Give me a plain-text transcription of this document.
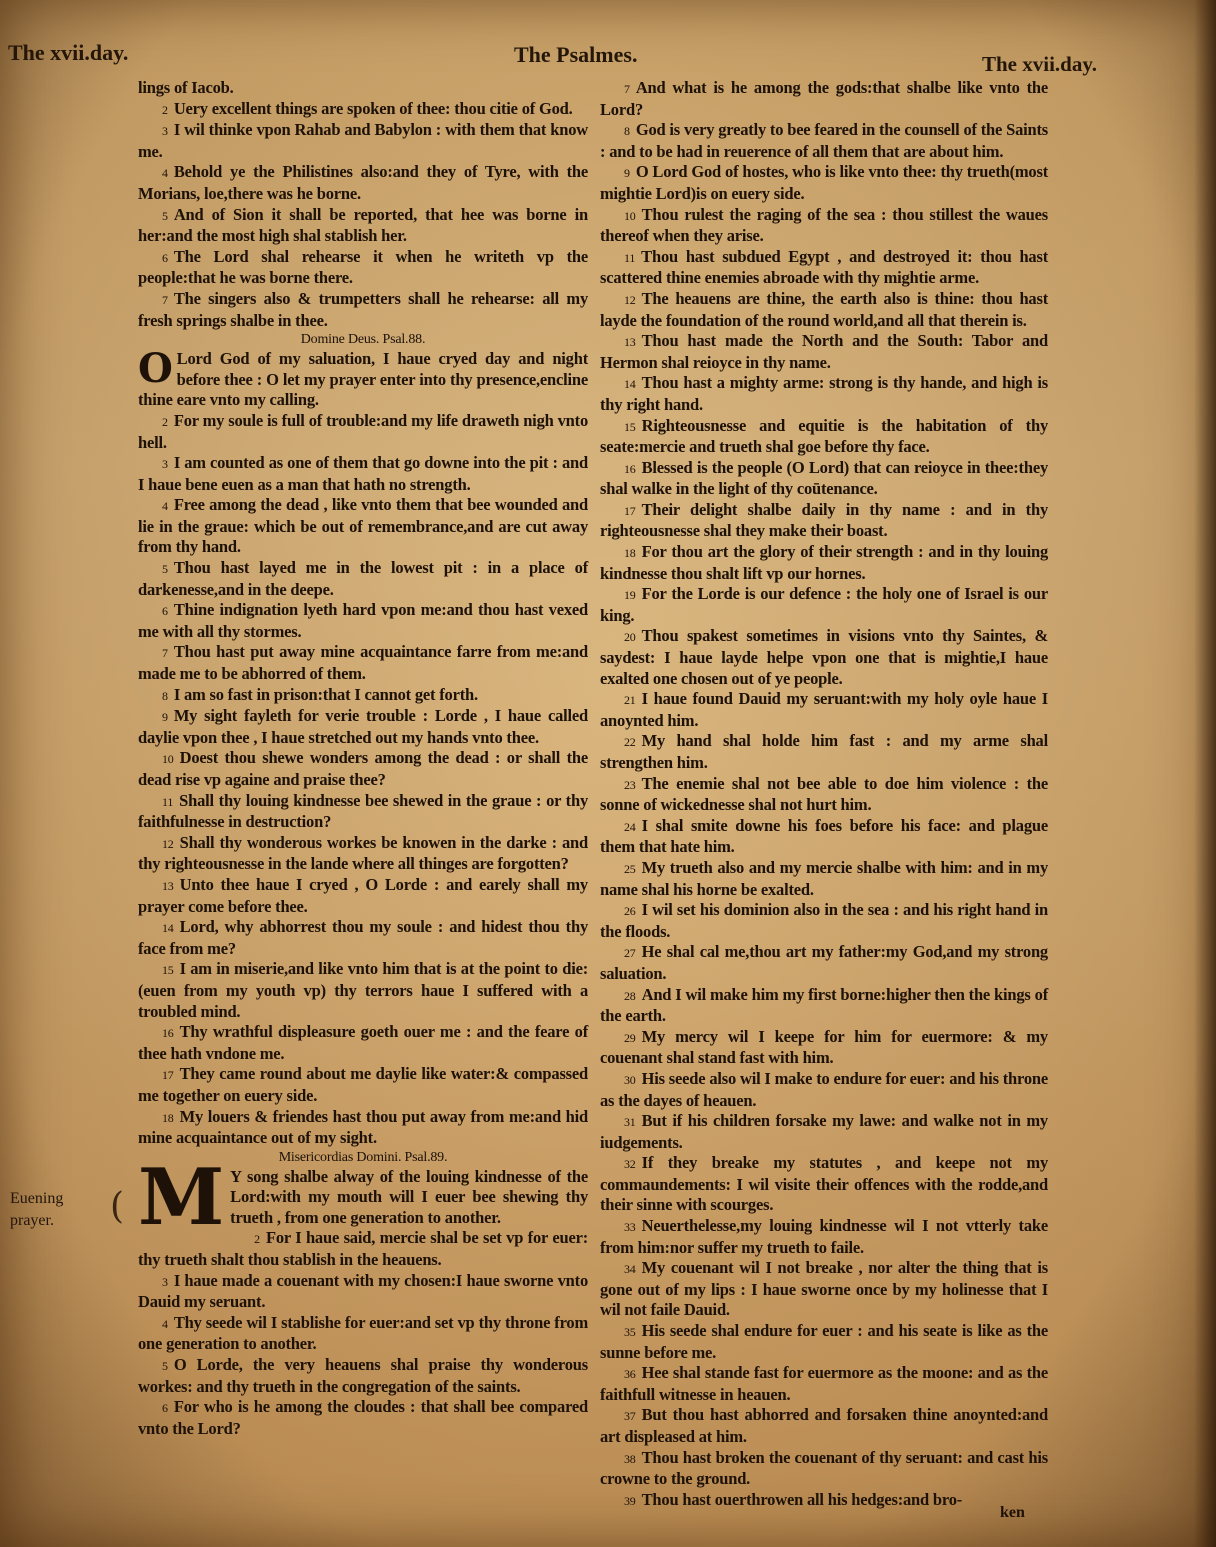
The xvii.day.	The Psalmes.	The xvii.day.

lings of Iacob.

2 Uery excellent things are spoken of thee: thou citie of God.

3 I wil thinke vpon Rahab and Babylon : with them that know me.

4 Behold ye the Philistines also:and they of Tyre, with the Morians, loe,there was he borne.

5 And of Sion it shall be reported, that hee was borne in her:and the most high shal stablish her.

6 The Lord shal rehearse it when he writeth vp the people:that he was borne there.

7 The singers also & trumpetters shall he rehearse: all my fresh springs shalbe in thee.

Domine Deus. Psal.88.

O Lord God of my saluation, I haue cryed day and night before thee : O let my prayer enter into thy presence,encline thine eare vnto my calling.

2 For my soule is full of trouble:and my life draweth nigh vnto hell.

3 I am counted as one of them that go downe into the pit : and I haue bene euen as a man that hath no strength.

4 Free among the dead , like vnto them that bee wounded and lie in the graue: which be out of remembrance,and are cut away from thy hand.

5 Thou hast layed me in the lowest pit : in a place of darkenesse,and in the deepe.

6 Thine indignation lyeth hard vpon me:and thou hast vexed me with all thy stormes.

7 Thou hast put away mine acquaintance farre from me:and made me to be abhorred of them.

8 I am so fast in prison:that I cannot get forth.

9 My sight fayleth for verie trouble : Lorde , I haue called daylie vpon thee , I haue stretched out my hands vnto thee.

10 Doest thou shewe wonders among the dead : or shall the dead rise vp againe and praise thee?

11 Shall thy louing kindnesse bee shewed in the graue : or thy faithfulnesse in destruction?

12 Shall thy wonderous workes be knowen in the darke : and thy righteousnesse in the lande where all thinges are forgotten?

13 Unto thee haue I cryed , O Lorde : and earely shall my prayer come before thee.

14 Lord, why abhorrest thou my soule : and hidest thou thy face from me?

15 I am in miserie,and like vnto him that is at the point to die: (euen from my youth vp) thy terrors haue I suffered with a troubled mind.

16 Thy wrathful displeasure goeth ouer me : and the feare of thee hath vndone me.

17 They came round about me daylie like water:& compassed me together on euery side.

18 My louers & friendes hast thou put away from me:and hid mine acquaintance out of my sight.

Misericordias Domini. Psal.89.

M Y song shalbe alway of the louing kindnesse of the Lord:with my mouth will I euer bee shewing thy trueth , from one generation to another.

2 For I haue said, mercie shal be set vp for euer: thy trueth shalt thou stablish in the heauens.

3 I haue made a couenant with my chosen:I haue sworne vnto Dauid my seruant.

4 Thy seede wil I stablishe for euer:and set vp thy throne from one generation to another.

5 O Lorde, the very heauens shal praise thy wonderous workes: and thy trueth in the congregation of the saints.

6 For who is he among the cloudes : that shall bee compared vnto the Lord?

7 And what is he among the gods:that shalbe like vnto the Lord?

8 God is very greatly to bee feared in the counsell of the Saints : and to be had in reuerence of all them that are about him.

9 O Lord God of hostes, who is like vnto thee: thy trueth(most mightie Lord)is on euery side.

10 Thou rulest the raging of the sea : thou stillest the waues thereof when they arise.

11 Thou hast subdued Egypt , and destroyed it: thou hast scattered thine enemies abroade with thy mightie arme.

12 The heauens are thine, the earth also is thine: thou hast layde the foundation of the round world,and all that therein is.

13 Thou hast made the North and the South: Tabor and Hermon shal reioyce in thy name.

14 Thou hast a mighty arme: strong is thy hande, and high is thy right hand.

15 Righteousnesse and equitie is the habitation of thy seate:mercie and trueth shal goe before thy face.

16 Blessed is the people (O Lord) that can reioyce in thee:they shal walke in the light of thy coūtenance.

17 Their delight shalbe daily in thy name : and in thy righteousnesse shal they make their boast.

18 For thou art the glory of their strength : and in thy louing kindnesse thou shalt lift vp our hornes.

19 For the Lorde is our defence : the holy one of Israel is our king.

20 Thou spakest sometimes in visions vnto thy Saintes, & saydest: I haue layde helpe vpon one that is mightie,I haue exalted one chosen out of ye people.

21 I haue found Dauid my seruant:with my holy oyle haue I anoynted him.

22 My hand shal holde him fast : and my arme shal strengthen him.

23 The enemie shal not bee able to doe him violence : the sonne of wickednesse shal not hurt him.

24 I shal smite downe his foes before his face: and plague them that hate him.

25 My trueth also and my mercie shalbe with him: and in my name shal his horne be exalted.

26 I wil set his dominion also in the sea : and his right hand in the floods.

27 He shal cal me,thou art my father:my God,and my strong saluation.

28 And I wil make him my first borne:higher then the kings of the earth.

29 My mercy wil I keepe for him for euermore: & my couenant shal stand fast with him.

30 His seede also wil I make to endure for euer: and his throne as the dayes of heauen.

31 But if his children forsake my lawe: and walke not in my iudgements.

32 If they breake my statutes , and keepe not my commaundements: I wil visite their offences with the rodde,and their sinne with scourges.

33 Neuerthelesse,my louing kindnesse wil I not vtterly take from him:nor suffer my trueth to faile.

34 My couenant wil I not breake , nor alter the thing that is gone out of my lips : I haue sworne once by my holinesse that I wil not faile Dauid.

35 His seede shal endure for euer : and his seate is like as the sunne before me.

36 Hee shal stande fast for euermore as the moone: and as the faithfull witnesse in heauen.

37 But thou hast abhorred and forsaken thine anoynted:and art displeased at him.

38 Thou hast broken the couenant of thy seruant: and cast his crowne to the ground.

39 Thou hast ouerthrowen all his hedges:and bro-

Euening prayer.	(
ken
